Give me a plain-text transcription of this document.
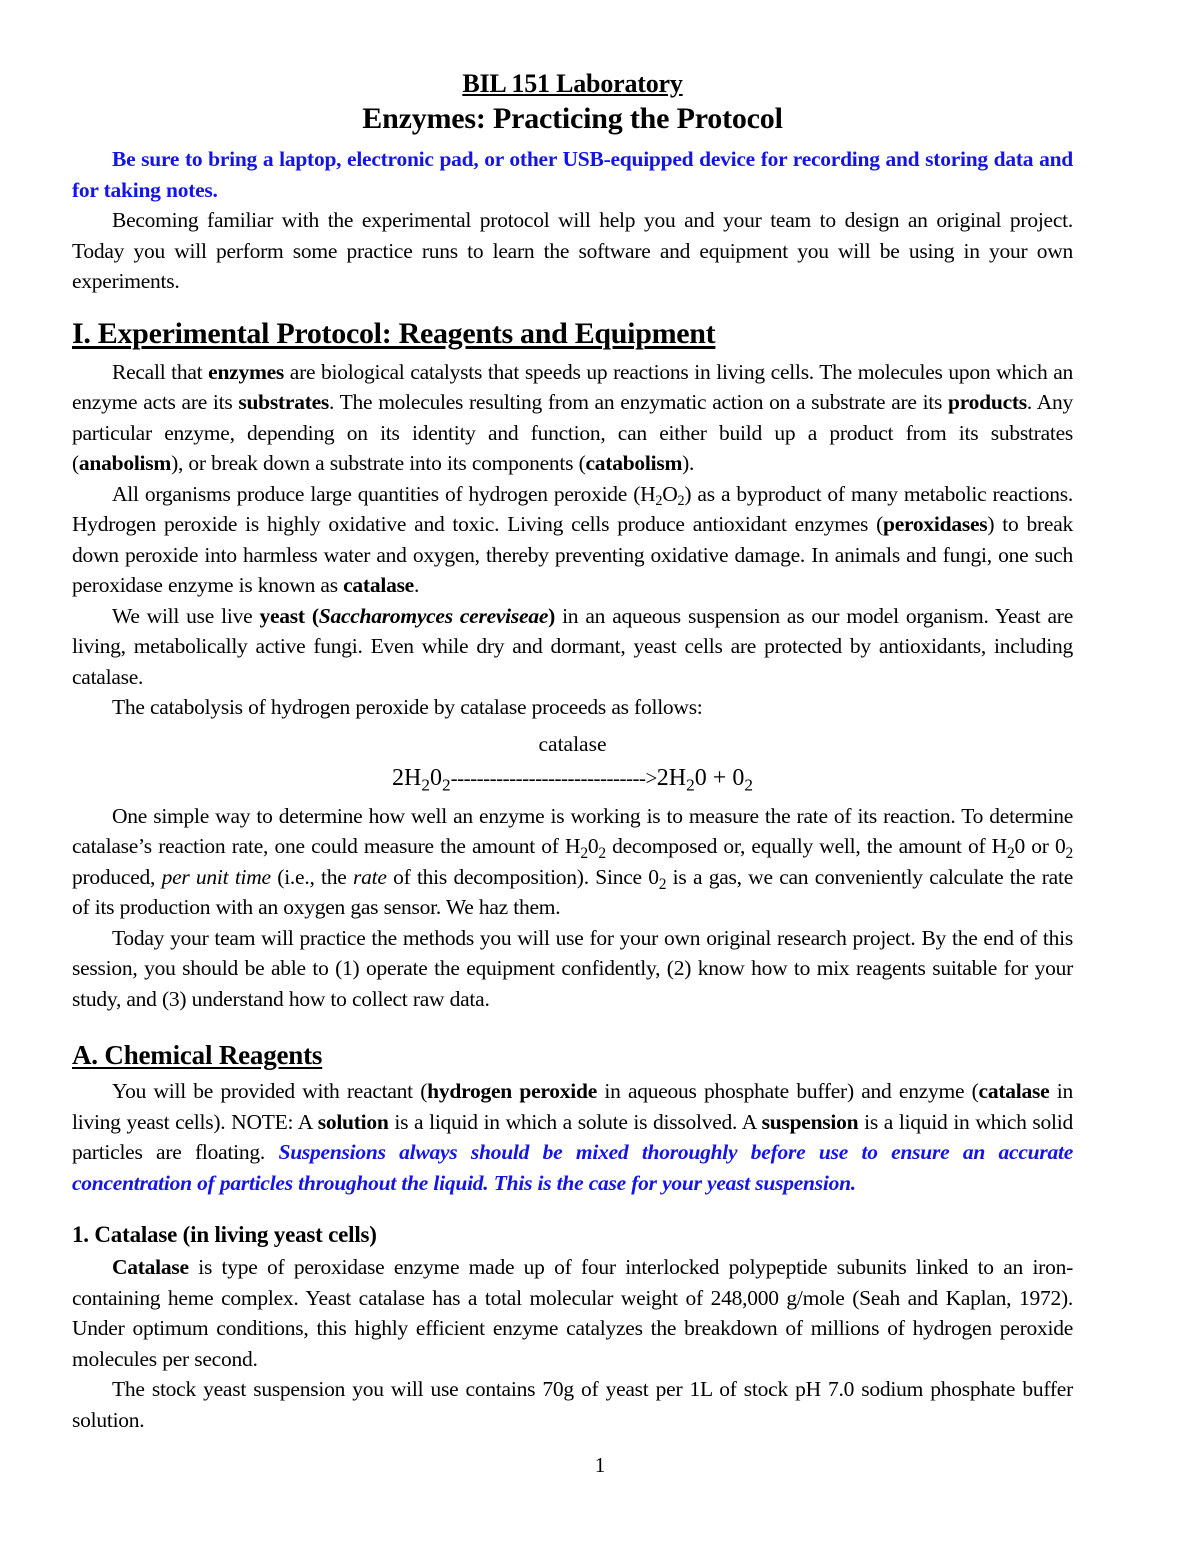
BIL 151 Laboratory
Enzymes: Practicing the Protocol

Be sure to bring a laptop, electronic pad, or other USB-equipped device for recording and storing data and for taking notes.

Becoming familiar with the experimental protocol will help you and your team to design an original project. Today you will perform some practice runs to learn the software and equipment you will be using in your own experiments.

I. Experimental Protocol: Reagents and Equipment

Recall that enzymes are biological catalysts that speeds up reactions in living cells. The molecules upon which an enzyme acts are its substrates. The molecules resulting from an enzymatic action on a substrate are its products. Any particular enzyme, depending on its identity and function, can either build up a product from its substrates (anabolism), or break down a substrate into its components (catabolism).

All organisms produce large quantities of hydrogen peroxide $(H_2O_2)$ as a byproduct of many metabolic reactions. Hydrogen peroxide is highly oxidative and toxic. Living cells produce antioxidant enzymes (peroxidases) to break down peroxide into harmless water and oxygen, thereby preventing oxidative damage. In animals and fungi, one such peroxidase enzyme is known as catalase.

We will use live yeast (Saccharomyces cereviseae) in an aqueous suspension as our model organism. Yeast are living, metabolically active fungi. Even while dry and dormant, yeast cells are protected by antioxidants, including catalase.

The catabolysis of hydrogen peroxide by catalase proceeds as follows:

catalase
$2H_20_2------------------------------>2H_20 + 0_2$

One simple way to determine how well an enzyme is working is to measure the rate of its reaction. To determine catalase’s reaction rate, one could measure the amount of $H_20_2$ decomposed or, equally well, the amount of $H_20$ or $0_2$ produced, per unit time (i.e., the rate of this decomposition). Since $0_2$ is a gas, we can conveniently calculate the rate of its production with an oxygen gas sensor. We haz them.

Today your team will practice the methods you will use for your own original research project. By the end of this session, you should be able to (1) operate the equipment confidently, (2) know how to mix reagents suitable for your study, and (3) understand how to collect raw data.

A. Chemical Reagents

You will be provided with reactant (hydrogen peroxide in aqueous phosphate buffer) and enzyme (catalase in living yeast cells). NOTE: A solution is a liquid in which a solute is dissolved. A suspension is a liquid in which solid particles are floating. Suspensions always should be mixed thoroughly before use to ensure an accurate concentration of particles throughout the liquid. This is the case for your yeast suspension.

1. Catalase (in living yeast cells)

Catalase is type of peroxidase enzyme made up of four interlocked polypeptide subunits linked to an iron-containing heme complex. Yeast catalase has a total molecular weight of 248,000 g/mole (Seah and Kaplan, 1972). Under optimum conditions, this highly efficient enzyme catalyzes the breakdown of millions of hydrogen peroxide molecules per second.

The stock yeast suspension you will use contains 70g of yeast per 1L of stock pH 7.0 sodium phosphate buffer solution.

1
